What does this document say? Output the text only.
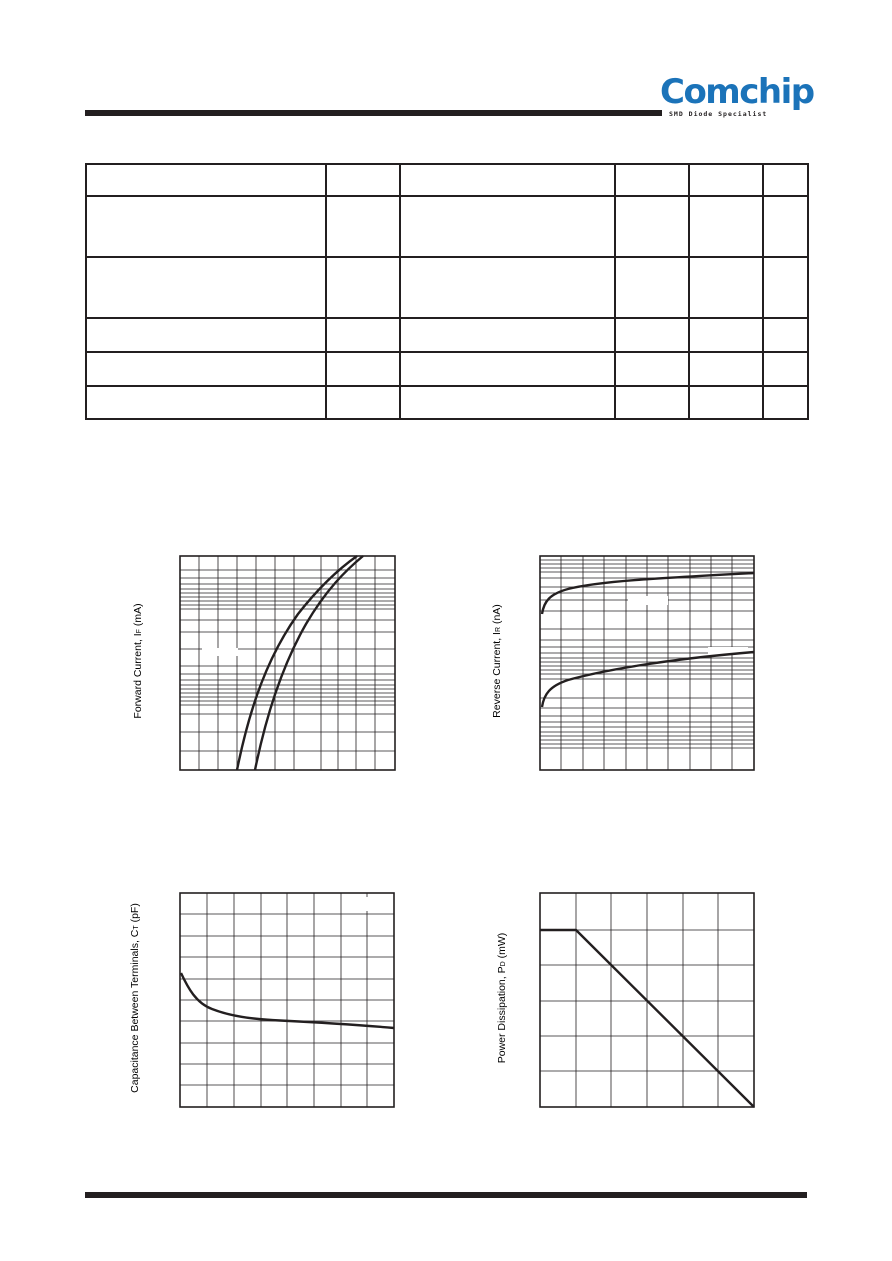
Comchip
SMD Diode Specialist

Forward Current, IF (mA)
Reverse Current, IR (nA)
Capacitance Between Terminals, CT (pF)
Power Dissipation, PD (mW)
